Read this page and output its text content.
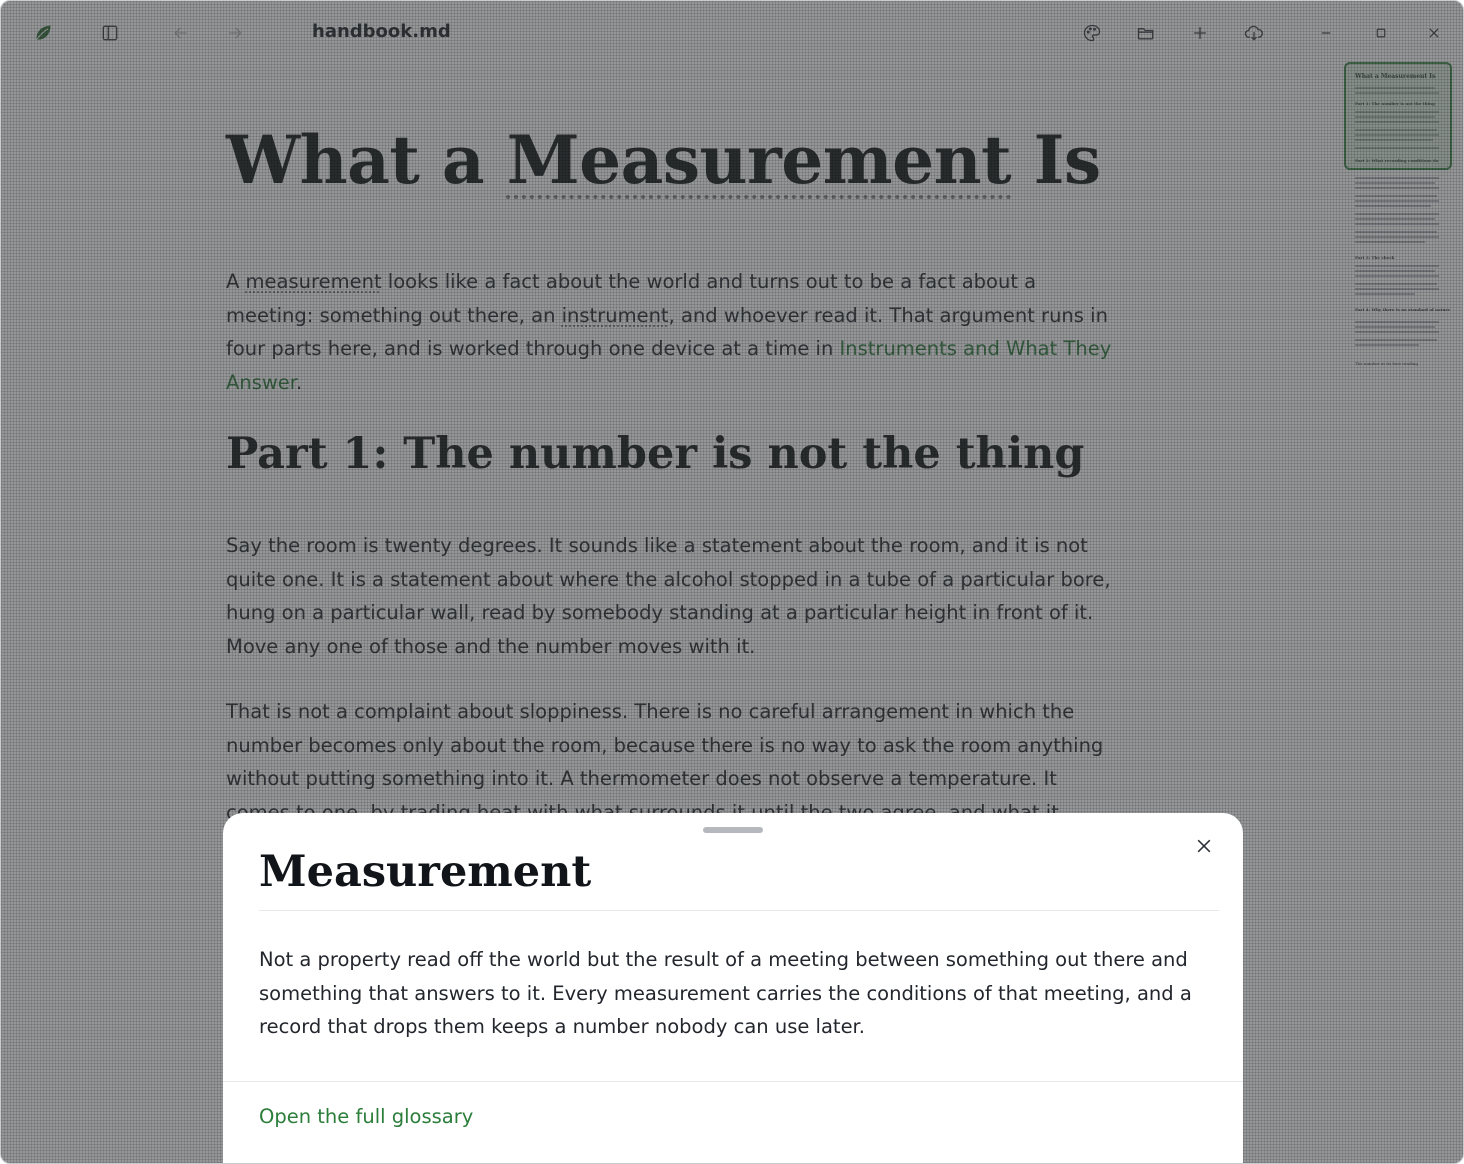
Measurement
Not a property read off the world but the result of a meeting between something out there and something that answers to it. Every measurement carries the conditions of that meeting, and a record that drops them keeps a number nobody can use later.
Open the full glossary
